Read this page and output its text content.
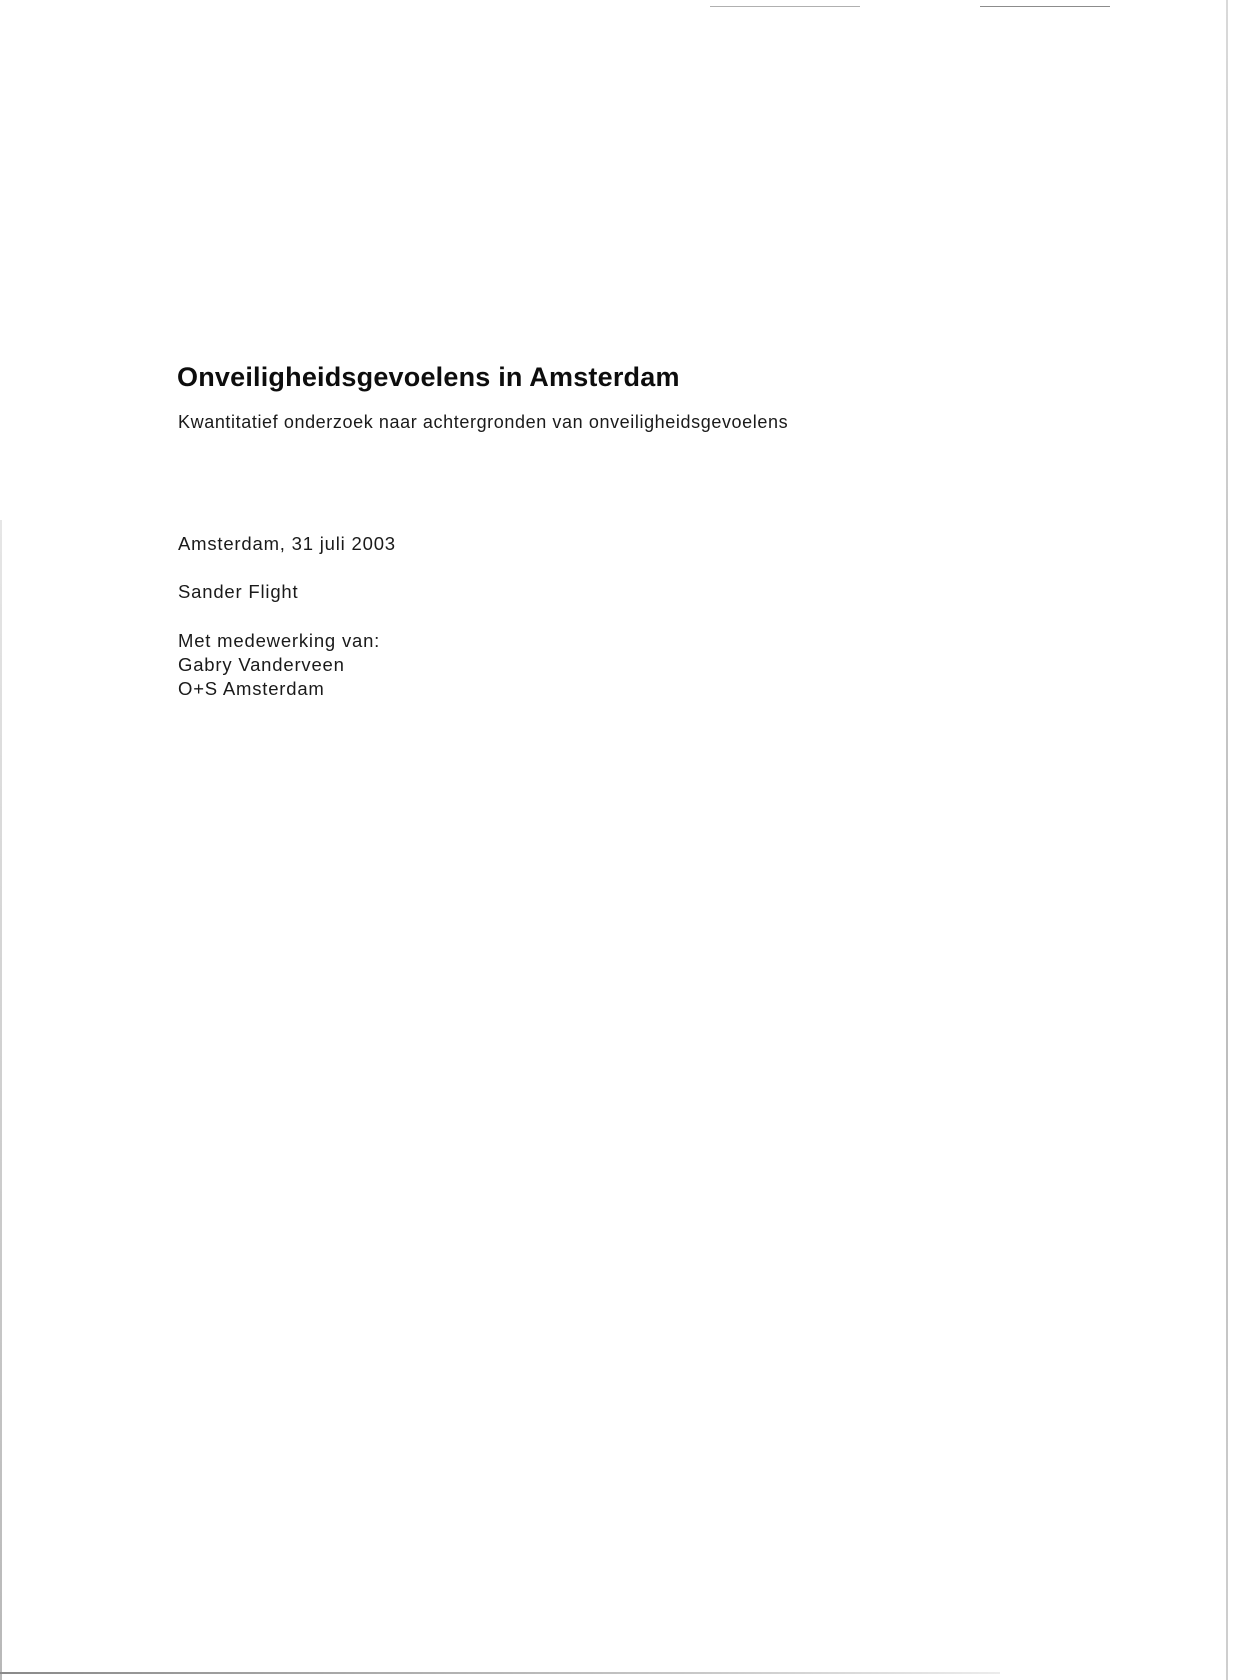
Onveiligheidsgevoelens in Amsterdam

Kwantitatief onderzoek naar achtergronden van onveiligheidsgevoelens

Amsterdam, 31 juli 2003

Sander Flight

Met medewerking van:

Gabry Vanderveen

O+S Amsterdam
